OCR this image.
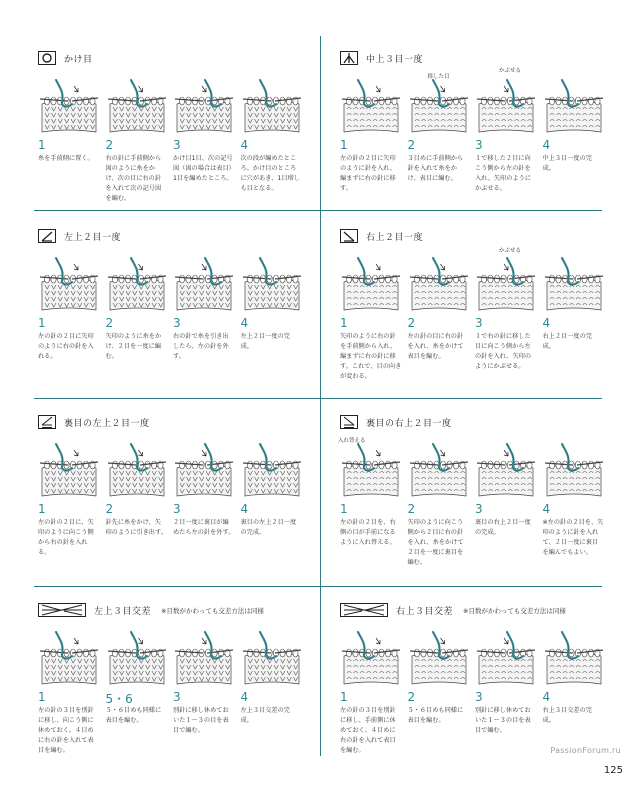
かけ目
1
糸を手前側に置く。
2
右の針に手前側から図のように糸をかけ、次の目に右の針を入れて次の記号図を編む。
3
かけ目1目、次の記号図（図の場合は表目）1目を編めたところ。
4
次の段が編めたところ。かけ目のところに穴があき、1目増しも目となる。
中上３目一度
1
左の針の２目に矢印のように針を入れ、編まずに右の針に移す。
移した目
2
３目めに手前側から針を入れて糸をかけ、表目に編む。
かぶせる
3
１で移した２目に向こう側から左の針を入れ、矢印のようにかぶせる。
4
中上３目一度の完成。
左上２目一度
1
左の針の２目に矢印のように右の針を入れる。
2
矢印のように糸をかけ、２目を一度に編む。
3
右の針で糸を引き出したら、左の針を外す。
4
左上２目一度の完成。
右上２目一度
1
矢印のように右の針を手前側から入れ、編まずに右の針に移す。これで、目の向きが変わる。
2
左の針の目に右の針を入れ、糸をかけて表目を編む。
かぶせる
3
１で右の針に移した目に向こう側から左の針を入れ、矢印のようにかぶせる。
4
右上２目一度の完成。
裏目の左上２目一度
1
左の針の２目に、矢印のように向こう側から右の針を入れる。
2
針先に糸をかけ、矢印のように引き出す。
3
２目一度に裏目が編めたら左の針を外す。
4
裏目の左上２目一度の完成。
裏目の右上２目一度
入れ替える
1
左の針の２目を、右側の目が手前になるように入れ替える。
2
矢印のように向こう側から２目に右の針を入れ、糸をかけて２目を一度に裏目を編む。
3
裏目の右上２目一度の完成。
4
※左の針の２目を、矢印のように針を入れて、２目一度に裏目を編んでもよい。
左上３目交差 ※目数がかわっても交差方法は同様
1
左の針の３目を別針に移し、向こう側に休めておく。４目めに右の針を入れて表目を編む。
5・6
５・６目めも同様に表目を編む。
3
別針に移し休めておいた１〜３の目を表目で編む。
4
左上３目交差の完成。
右上３目交差 ※目数がかわっても交差方法は同様
1
左の針の３目を別針に移し、手前側に休めておく。４目めに右の針を入れて表目を編む。
2
５・６目めも同様に表目を編む。
3
別針に移し休めておいた１〜３の目を表目で編む。
4
右上３目交差の完成。
PassionForum.ru
125
